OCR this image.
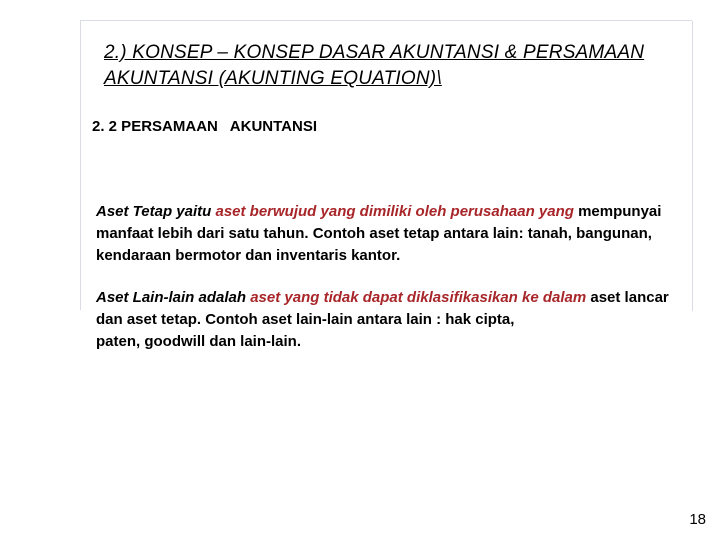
2.) KONSEP – KONSEP DASAR AKUNTANSI & PERSAMAAN AKUNTANSI (AKUNTING EQUATION)\
2. 2 PERSAMAAN   AKUNTANSI

Aset Tetap yaitu aset berwujud yang dimiliki oleh perusahaan yang mempunyai manfaat lebih dari satu tahun. Contoh aset tetap antara lain: tanah, bangunan, kendaraan bermotor dan inventaris kantor.

Aset Lain-lain adalah aset yang tidak dapat diklasifikasikan ke dalam aset lancar dan aset tetap. Contoh aset lain-lain antara lain : hak cipta,
paten, goodwill dan lain-lain.

18
